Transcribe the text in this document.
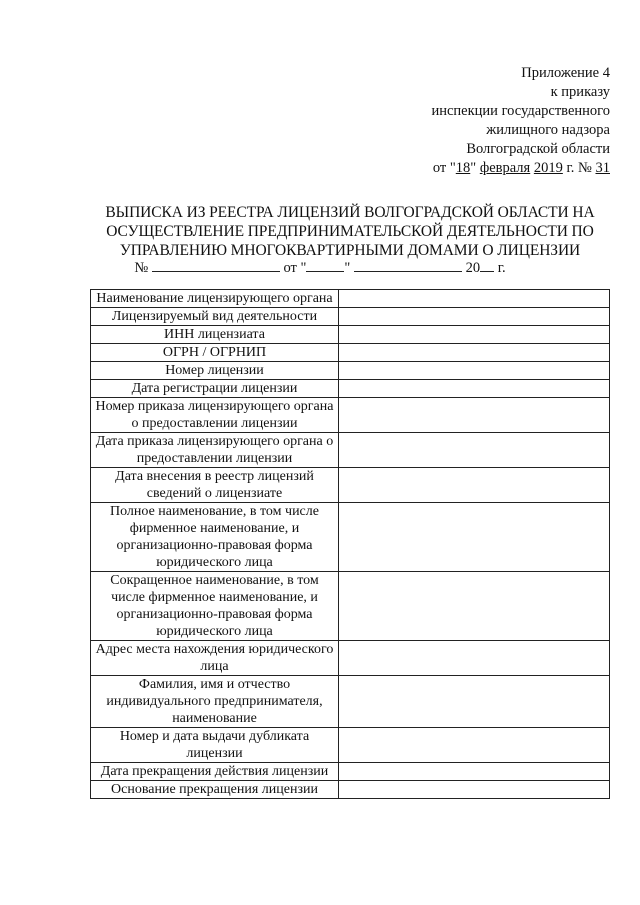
Приложение 4
к приказу
инспекции государственного
жилищного надзора
Волгоградской области
от "18" февраля 2019 г. № 31
ВЫПИСКА ИЗ РЕЕСТРА ЛИЦЕНЗИЙ ВОЛГОГРАДСКОЙ ОБЛАСТИ НА
ОСУЩЕСТВЛЕНИЕ ПРЕДПРИНИМАТЕЛЬСКОЙ ДЕЯТЕЛЬНОСТИ ПО
УПРАВЛЕНИЮ МНОГОКВАРТИРНЫМИ ДОМАМИ О ЛИЦЕНЗИИ
№	от "	"	20 г.
Наименование лицензирующего органа	
Лицензируемый вид деятельности	
ИНН лицензиата	
ОГРН / ОГРНИП	
Номер лицензии	
Дата регистрации лицензии	
Номер приказа лицензирующего органа о предоставлении лицензии	
Дата приказа лицензирующего органа о предоставлении лицензии	
Дата внесения в реестр лицензий сведений о лицензиате	
Полное наименование, в том числе фирменное наименование, и организационно-правовая форма юридического лица	
Сокращенное наименование, в том числе фирменное наименование, и организационно-правовая форма юридического лица	
Адрес места нахождения юридического лица	
Фамилия, имя и отчество индивидуального предпринимателя, наименование	
Номер и дата выдачи дубликата лицензии	
Дата прекращения действия лицензии	
Основание прекращения лицензии	
